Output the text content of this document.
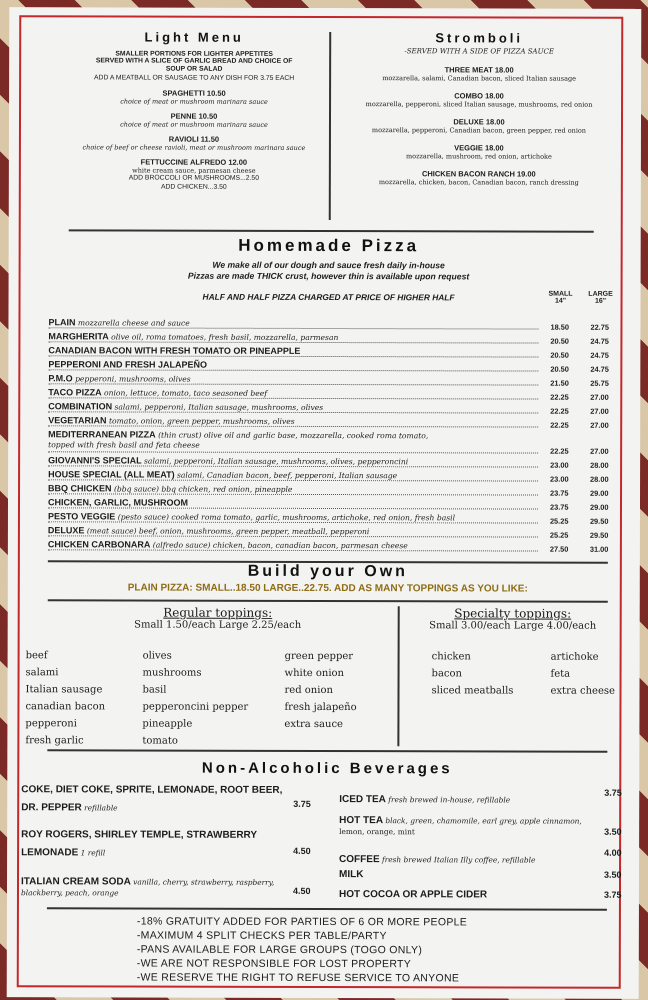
Light Menu
SMALLER PORTIONS FOR LIGHTER APPETITES
SERVED WITH A SLICE OF GARLIC BREAD AND CHOICE OF
SOUP OR SALAD
ADD A MEATBALL OR SAUSAGE TO ANY DISH FOR 3.75 EACH
SPAGHETTI 10.50
choice of meat or mushroom marinara sauce
PENNE 10.50
choice of meat or mushroom marinara sauce
RAVIOLI 11.50
choice of beef or cheese ravioli, meat or mushroom marinara sauce
FETTUCCINE ALFREDO 12.00
white cream sauce, parmesan cheese
ADD BROCCOLI OR MUSHROOMS...2.50
ADD CHICKEN...3.50
Stromboli
-SERVED WITH A SIDE OF PIZZA SAUCE
THREE MEAT 18.00
mozzarella, salami, Canadian bacon, sliced Italian sausage
COMBO 18.00
mozzarella, pepperoni, sliced Italian sausage, mushrooms, red onion
DELUXE 18.00
mozzarella, pepperoni, Canadian bacon, green pepper, red onion
VEGGIE 18.00
mozzarella, mushroom, red onion, artichoke
CHICKEN BACON RANCH 19.00
mozzarella, chicken, bacon, Canadian bacon, ranch dressing
Homemade Pizza
We make all of our dough and sauce fresh daily in-house
Pizzas are made THICK crust, however thin is available upon request
HALF AND HALF PIZZA CHARGED AT PRICE OF HIGHER HALF	SMALL
14"
LARGE
16"
PLAIN mozzarella cheese and sauce	18.50	22.75
MARGHERITA olive oil, roma tomatoes, fresh basil, mozzarella, parmesan	20.50	24.75
CANADIAN BACON WITH FRESH TOMATO OR PINEAPPLE	20.50	24.75
PEPPERONI AND FRESH JALAPEÑO	20.50	24.75
P.M.O pepperoni, mushrooms, olives	21.50	25.75
TACO PIZZA onion, lettuce, tomato, taco seasoned beef	22.25	27.00
COMBINATION salami, pepperoni, Italian sausage, mushrooms, olives	22.25	27.00
VEGETARIAN tomato, onion, green pepper, mushrooms, olives	22.25	27.00
MEDITERRANEAN PIZZA (thin crust) olive oil and garlic base, mozzarella, cooked roma tomato,
topped with fresh basil and feta cheese
22.25	27.00
GIOVANNI'S SPECIAL salami, pepperoni, Italian sausage, mushrooms, olives, pepperoncini	23.00	28.00
HOUSE SPECIAL (ALL MEAT) salami, Canadian bacon, beef, pepperoni, Italian sausage	23.00	28.00
BBQ CHICKEN (bbq sauce) bbq chicken, red onion, pineapple	23.75	29.00
CHICKEN, GARLIC, MUSHROOM	23.75	29.00
PESTO VEGGIE (pesto sauce) cooked roma tomato, garlic, mushrooms, artichoke, red onion, fresh basil	25.25	29.50
DELUXE (meat sauce) beef, onion, mushrooms, green pepper, meatball, pepperoni	25.25	29.50
CHICKEN CARBONARA (alfredo sauce) chicken, bacon, canadian bacon, parmesan cheese	27.50	31.00
Build your Own
PLAIN PIZZA: SMALL..18.50 LARGE..22.75. ADD AS MANY TOPPINGS AS YOU LIKE:
Regular toppings:
Small 1.50/each Large 2.25/each
Specialty toppings:
Small 3.00/each Large 4.00/each
beef
salami
Italian sausage
canadian bacon
pepperoni
fresh garlic
olives
mushrooms
basil
pepperoncini pepper
pineapple
tomato
green pepper
white onion
red onion
fresh jalapeño
extra sauce
chicken
bacon
sliced meatballs
artichoke
feta
extra cheese
Non-Alcoholic Beverages
COKE, DIET COKE, SPRITE, LEMONADE, ROOT BEER,
DR. PEPPER refillable	3.75
ROY ROGERS, SHIRLEY TEMPLE, STRAWBERRY
LEMONADE 1 refill	4.50
ITALIAN CREAM SODA vanilla, cherry, strawberry, raspberry,
blackberry, peach, orange	4.50
ICED TEA fresh brewed in-house, refillable
3.75
HOT TEA black, green, chamomile, earl grey, apple cinnamon,
lemon, orange, mint	3.50
COFFEE fresh brewed Italian Illy coffee, refillable
4.00
MILK	3.50
HOT COCOA OR APPLE CIDER	3.75
-18% GRATUITY ADDED FOR PARTIES OF 6 OR MORE PEOPLE
-MAXIMUM 4 SPLIT CHECKS PER TABLE/PARTY
-PANS AVAILABLE FOR LARGE GROUPS (TOGO ONLY)
-WE ARE NOT RESPONSIBLE FOR LOST PROPERTY
-WE RESERVE THE RIGHT TO REFUSE SERVICE TO ANYONE
